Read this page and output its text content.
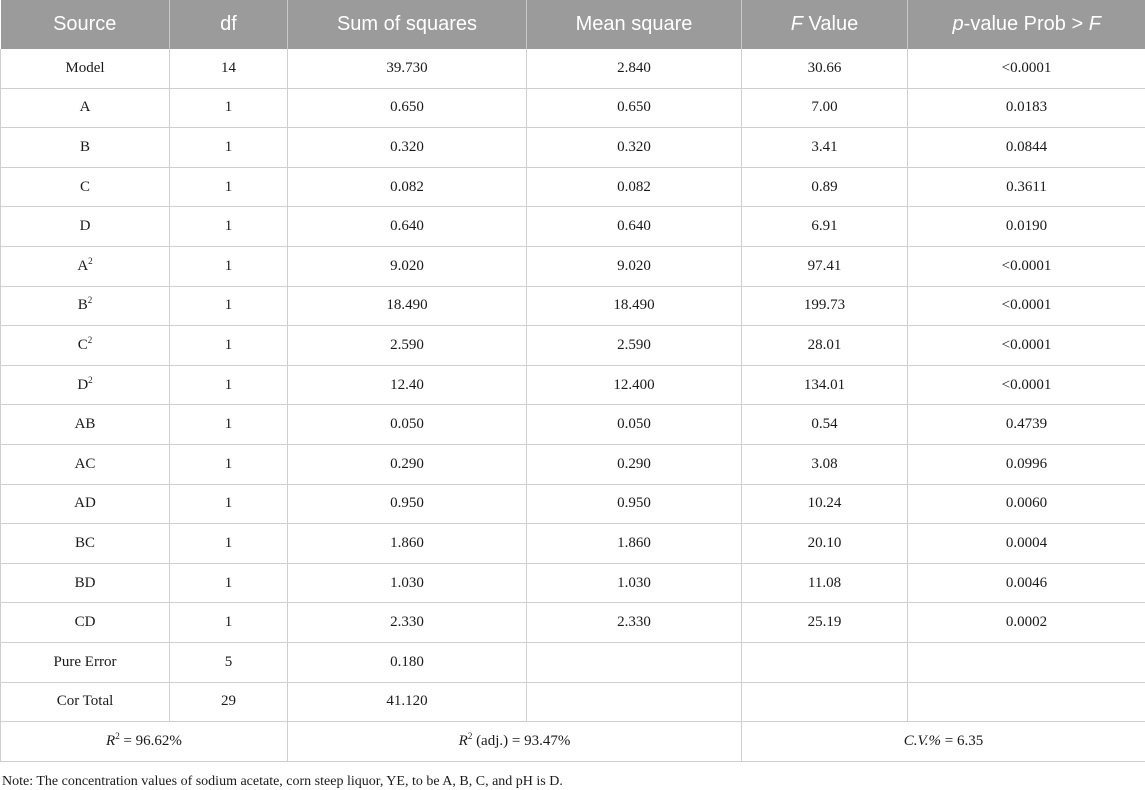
Source	df	Sum of squares	Mean square	F Value	p-value Prob > F
Model	14	39.730	2.840	30.66	<0.0001
A	1	0.650	0.650	7.00	0.0183
B	1	0.320	0.320	3.41	0.0844
C	1	0.082	0.082	0.89	0.3611
D	1	0.640	0.640	6.91	0.0190
$A^2$	1	9.020	9.020	97.41	<0.0001
$B^2$	1	18.490	18.490	199.73	<0.0001
$C^2$	1	2.590	2.590	28.01	<0.0001
$D^2$	1	12.40	12.400	134.01	<0.0001
AB	1	0.050	0.050	0.54	0.4739
AC	1	0.290	0.290	3.08	0.0996
AD	1	0.950	0.950	10.24	0.0060
BC	1	1.860	1.860	20.10	0.0004
BD	1	1.030	1.030	11.08	0.0046
CD	1	2.330	2.330	25.19	0.0002
Pure Error	5	0.180			
Cor Total	29	41.120			
$R^2 = 96.62\%$		$R^2$ (adj.) = 93.47%		C.V.% = 6.35	
Note: The concentration values of sodium acetate, corn steep liquor, YE, to be A, B, C, and pH is D.
